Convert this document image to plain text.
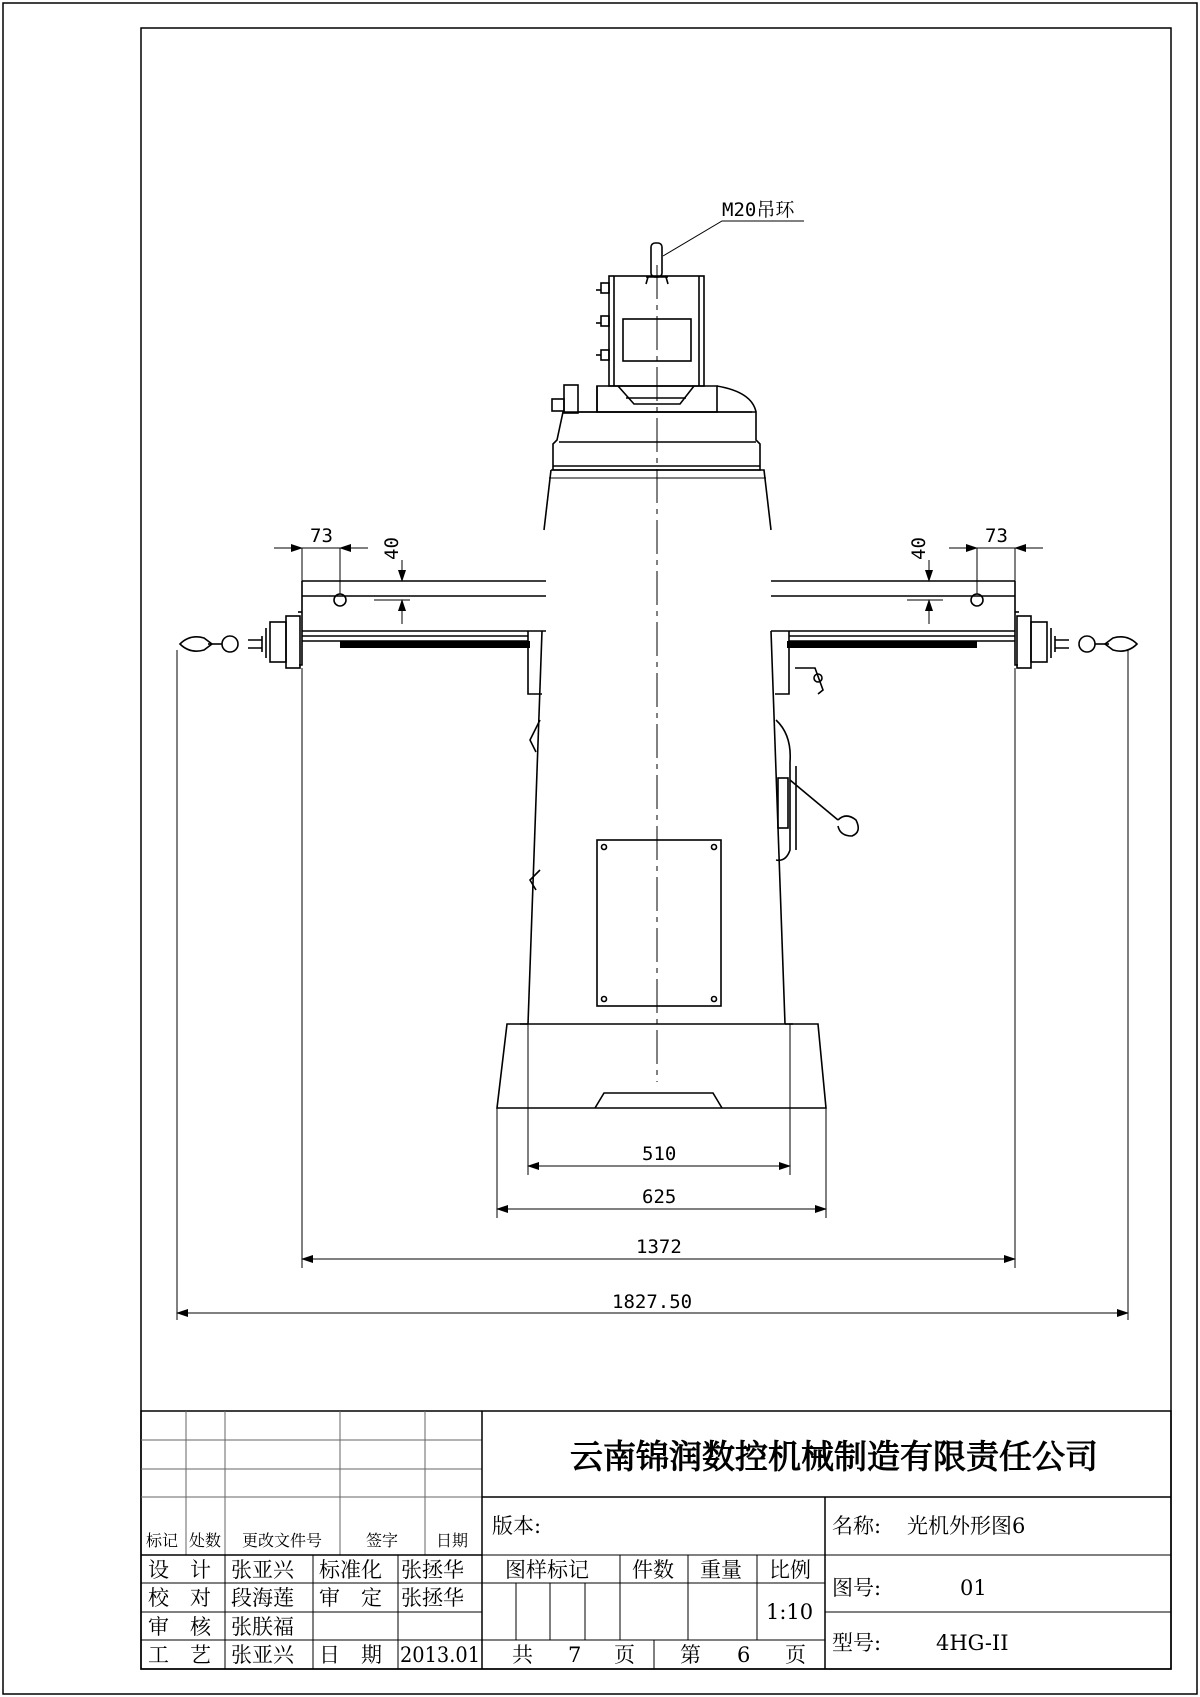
M20吊环
73
40
73
40
510
625
1372
1827.50
云南锦润数控机械制造有限责任公司
标记 处数 更改文件号	签字 日期
设　计 张亚兴 标准化 张拯华
校　对 段海莲 审　定 张拯华
审　核 张朕福
工　艺 张亚兴 日　期 2013.01
版本:
图样标记 件数 重量 比例
1:10
共 7 页 第 6 页
名称: 光机外形图6
图号:	01
型号:	4HG-II
